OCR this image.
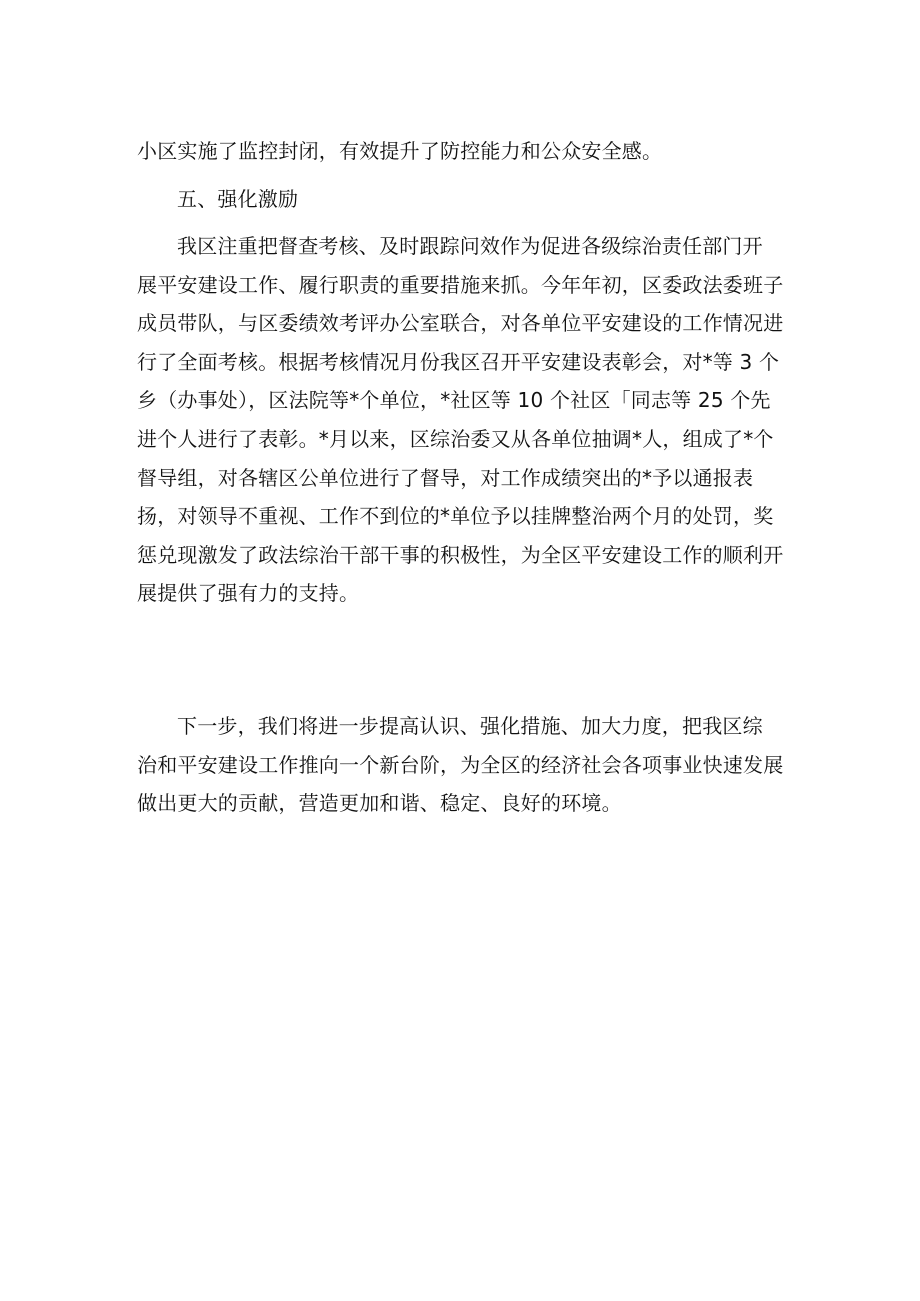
小区实施了监控封闭，有效提升了防控能力和公众安全感。
五、强化激励
我区注重把督查考核、及时跟踪问效作为促进各级综治责任部门开
展平安建设工作、履行职责的重要措施来抓。今年年初，区委政法委班子
成员带队，与区委绩效考评办公室联合，对各单位平安建设的工作情况进
行了全面考核。根据考核情况月份我区召开平安建设表彰会，对*等 3 个
乡（办事处），区法院等*个单位，*社区等 10 个社区「同志等 25 个先
进个人进行了表彰。*月以来，区综治委又从各单位抽调*人，组成了*个
督导组，对各辖区公单位进行了督导，对工作成绩突出的*予以通报表
扬，对领导不重视、工作不到位的*单位予以挂牌整治两个月的处罚，奖
惩兑现激发了政法综治干部干事的积极性，为全区平安建设工作的顺利开
展提供了强有力的支持。
下一步，我们将进一步提高认识、强化措施、加大力度，把我区综
治和平安建设工作推向一个新台阶，为全区的经济社会各项事业快速发展
做出更大的贡献，营造更加和谐、稳定、良好的环境。
